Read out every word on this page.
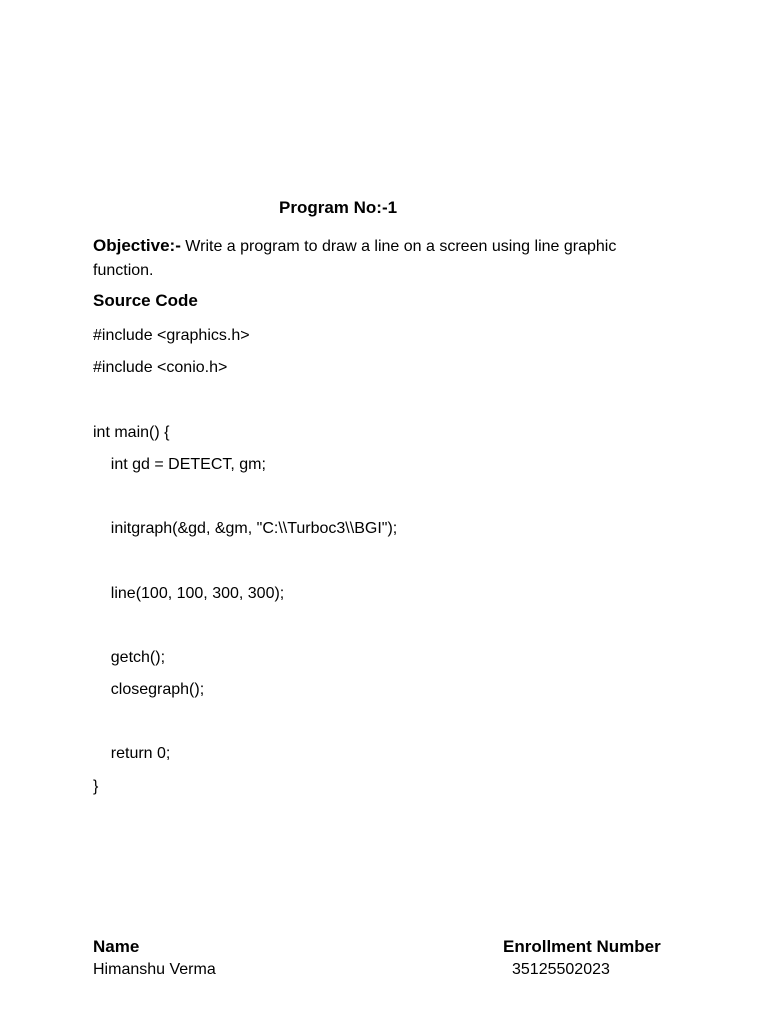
Program No:-1
Objective:- Write a program to draw a line on a screen using line graphic function.
Source Code
#include <graphics.h>
#include <conio.h>
int main() {
int gd = DETECT, gm;
initgraph(&gd, &gm, "C:\\Turboc3\\BGI");
line(100, 100, 300, 300);
getch();
closegraph();
return 0;
}
Name
Himanshu Verma
Enrollment Number
35125502023
